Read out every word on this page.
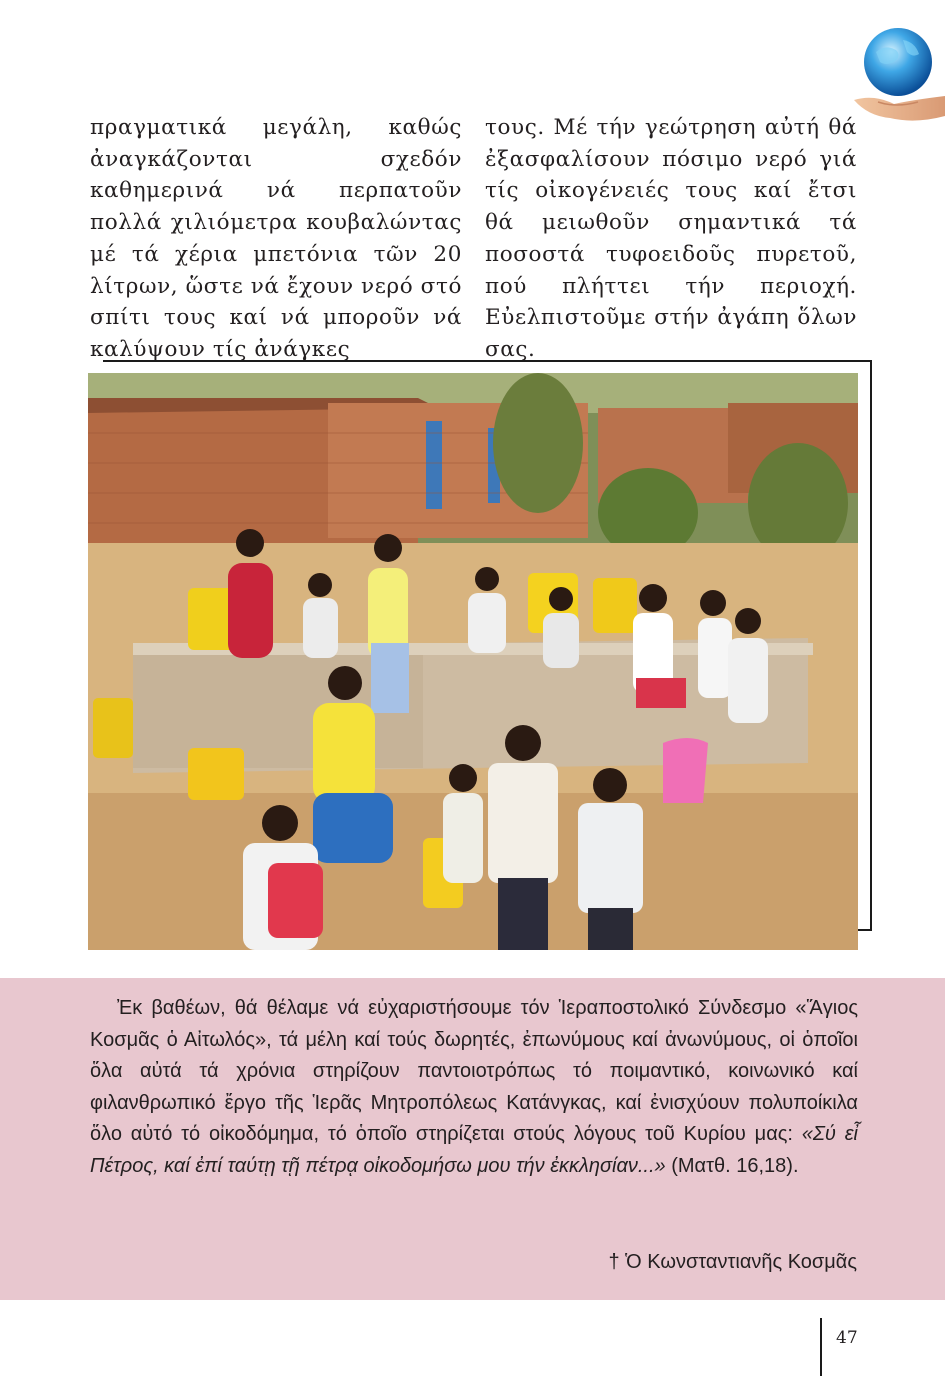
πραγματικά μεγάλη, καθώς ἀναγκάζονται σχεδόν καθημερινά νά περπατοῦν πολλά χιλιόμετρα κουβαλώντας μέ τά χέρια μπετόνια τῶν 20 λίτρων, ὥστε νά ἔχουν νερό στό σπίτι τους καί νά μποροῦν νά καλύψουν τίς ἀνάγκες

τους. Μέ τήν γεώτρηση αὐτή θά ἐξασφαλίσουν πόσιμο νερό γιά τίς οἰκογένειές τους καί ἔτσι θά μειωθοῦν σημαντικά τά ποσοστά τυφοειδοῦς πυρετοῦ, πού πλήττει τήν περιοχή. Εὐελπιστοῦμε στήν ἀγάπη ὅλων σας.

Ἐκ βαθέων, θά θέλαμε νά εὐχαριστήσουμε τόν Ἱεραποστολικό Σύνδεσμο «Ἅγιος Κοσμᾶς ὁ Αἰτωλός», τά μέλη καί τούς δωρητές, ἐπωνύμους καί ἀνωνύμους, οἱ ὁποῖοι ὅλα αὐτά τά χρόνια στηρίζουν παντοιοτρόπως τό ποιμαντικό, κοινωνικό καί φιλανθρωπικό ἔργο τῆς Ἱερᾶς Μητροπόλεως Κατάνγκας, καί ἐνισχύουν πολυποίκιλα ὅλο αὐτό τό οἰκοδόμημα, τό ὁποῖο στηρίζεται στούς λόγους τοῦ Κυρίου μας: «Σύ εἶ Πέτρος, καί ἐπί ταύτῃ τῇ πέτρᾳ οἰκοδομήσω μου τήν ἐκκλησίαν...» (Ματθ. 16,18).

† Ὁ Κωνσταντιανῆς Κοσμᾶς
47
